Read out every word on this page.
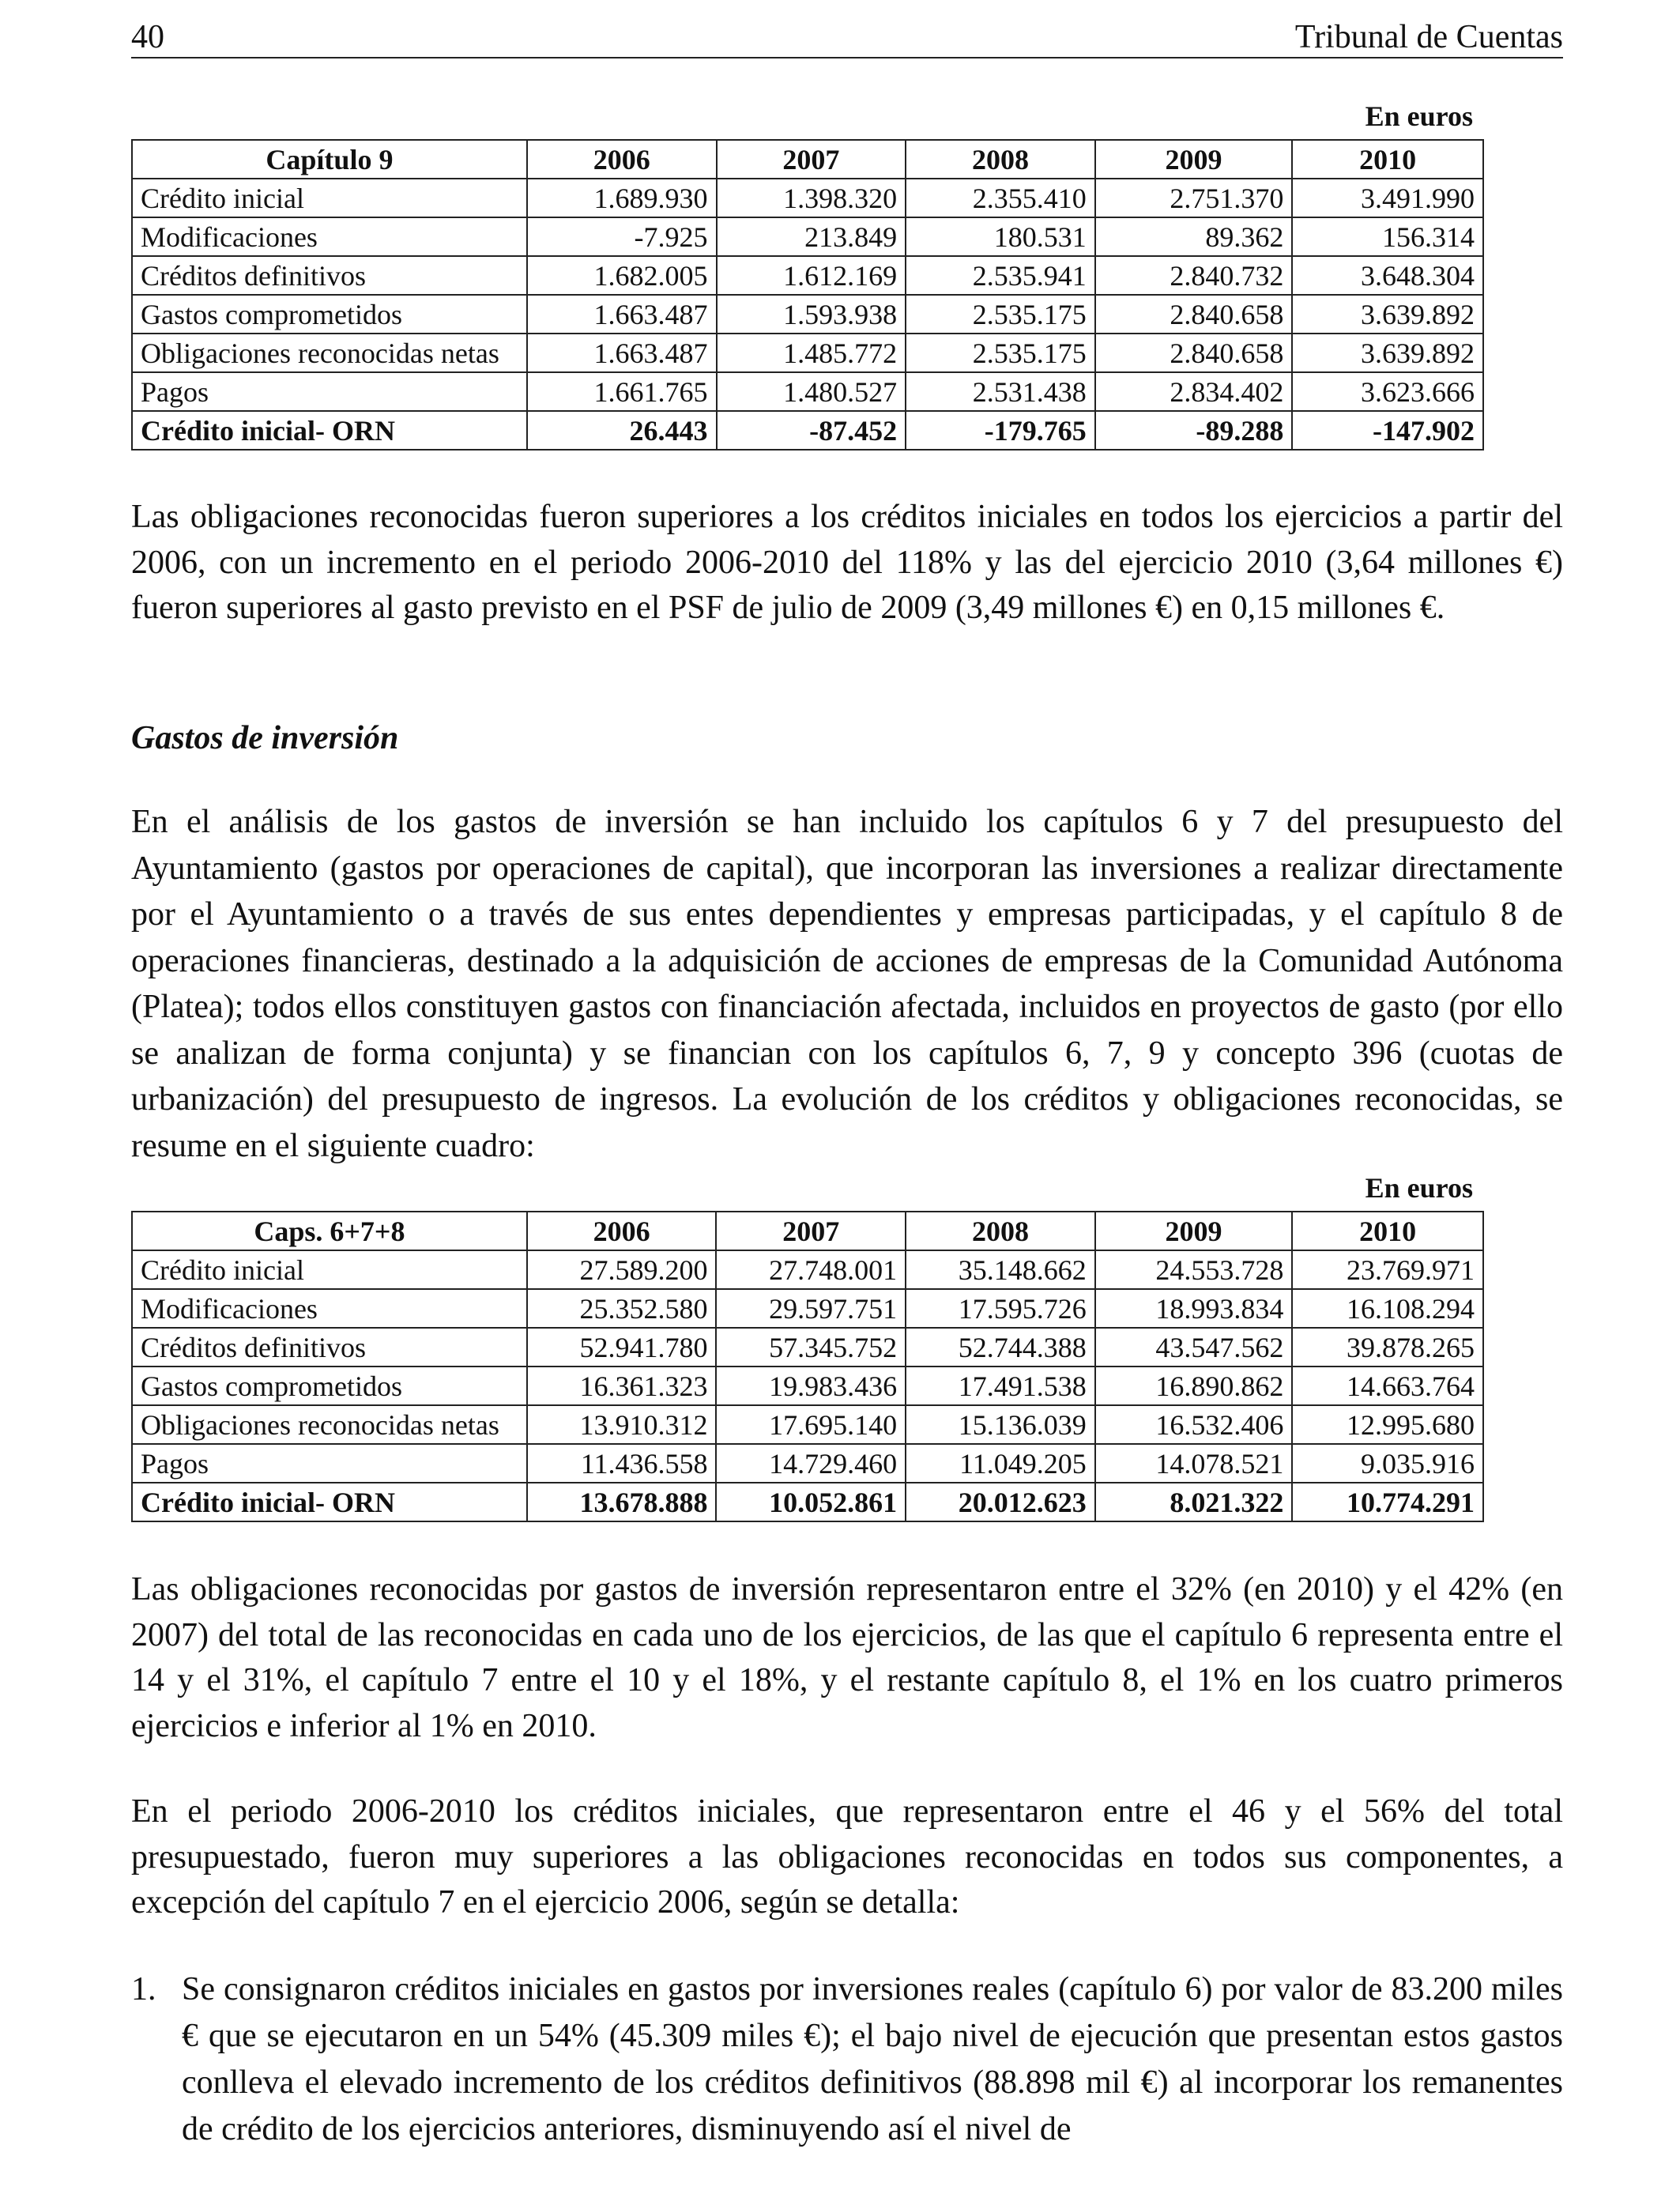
40	Tribunal de Cuentas
En euros
Capítulo 9	2006	2007	2008	2009	2010
Crédito inicial	1.689.930	1.398.320	2.355.410	2.751.370	3.491.990
Modificaciones	-7.925	213.849	180.531	89.362	156.314
Créditos definitivos	1.682.005	1.612.169	2.535.941	2.840.732	3.648.304
Gastos comprometidos	1.663.487	1.593.938	2.535.175	2.840.658	3.639.892
Obligaciones reconocidas netas	1.663.487	1.485.772	2.535.175	2.840.658	3.639.892
Pagos	1.661.765	1.480.527	2.531.438	2.834.402	3.623.666
Crédito inicial- ORN	26.443	-87.452	-179.765	-89.288	-147.902

Las obligaciones reconocidas fueron superiores a los créditos iniciales en todos los ejercicios a partir del 2006, con un incremento en el periodo 2006-2010 del 118% y las del ejercicio 2010 (3,64 millones €) fueron superiores al gasto previsto en el PSF de julio de 2009 (3,49 millones €) en 0,15 millones €.

Gastos de inversión

En el análisis de los gastos de inversión se han incluido los capítulos 6 y 7 del presupuesto del Ayuntamiento (gastos por operaciones de capital), que incorporan las inversiones a realizar directamente por el Ayuntamiento o a través de sus entes dependientes y empresas participadas, y el capítulo 8 de operaciones financieras, destinado a la adquisición de acciones de empresas de la Comunidad Autónoma (Platea); todos ellos constituyen gastos con financiación afectada, incluidos en proyectos de gasto (por ello se analizan de forma conjunta) y se financian con los capítulos 6, 7, 9 y concepto 396 (cuotas de urbanización) del presupuesto de ingresos. La evolución de los créditos y obligaciones reconocidas, se resume en el siguiente cuadro:

En euros
Caps. 6+7+8	2006	2007	2008	2009	2010
Crédito inicial	27.589.200	27.748.001	35.148.662	24.553.728	23.769.971
Modificaciones	25.352.580	29.597.751	17.595.726	18.993.834	16.108.294
Créditos definitivos	52.941.780	57.345.752	52.744.388	43.547.562	39.878.265
Gastos comprometidos	16.361.323	19.983.436	17.491.538	16.890.862	14.663.764
Obligaciones reconocidas netas	13.910.312	17.695.140	15.136.039	16.532.406	12.995.680
Pagos	11.436.558	14.729.460	11.049.205	14.078.521	9.035.916
Crédito inicial- ORN	13.678.888	10.052.861	20.012.623	8.021.322	10.774.291

Las obligaciones reconocidas por gastos de inversión representaron entre el 32% (en 2010) y el 42% (en 2007) del total de las reconocidas en cada uno de los ejercicios, de las que el capítulo 6 representa entre el 14 y el 31%, el capítulo 7 entre el 10 y el 18%, y el restante capítulo 8, el 1% en los cuatro primeros ejercicios e inferior al 1% en 2010.

En el periodo 2006-2010 los créditos iniciales, que representaron entre el 46 y el 56% del total presupuestado, fueron muy superiores a las obligaciones reconocidas en todos sus componentes, a excepción del capítulo 7 en el ejercicio 2006, según se detalla:

1. Se consignaron créditos iniciales en gastos por inversiones reales (capítulo 6) por valor de 83.200 miles € que se ejecutaron en un 54% (45.309 miles €); el bajo nivel de ejecución que presentan estos gastos conlleva el elevado incremento de los créditos definitivos (88.898 mil €) al incorporar los remanentes de crédito de los ejercicios anteriores, disminuyendo así el nivel de
